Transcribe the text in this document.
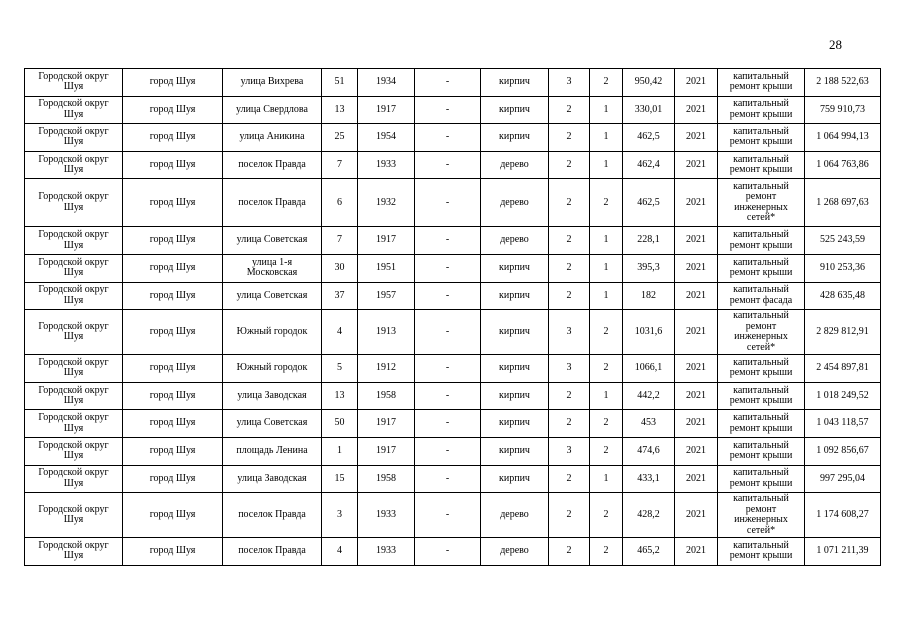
28
Городской округ Шуя	город Шуя	улица Вихрева	51	1934	-	кирпич	3	2	950,42	2021	капитальный ремонт крыши	2 188 522,63
Городской округ Шуя	город Шуя	улица Свердлова	13	1917	-	кирпич	2	1	330,01	2021	капитальный ремонт крыши	759 910,73
Городской округ Шуя	город Шуя	улица Аникина	25	1954	-	кирпич	2	1	462,5	2021	капитальный ремонт крыши	1 064 994,13
Городской округ Шуя	город Шуя	поселок Правда	7	1933	-	дерево	2	1	462,4	2021	капитальный ремонт крыши	1 064 763,86
Городской округ Шуя	город Шуя	поселок Правда	6	1932	-	дерево	2	2	462,5	2021	капитальный ремонт инженерных сетей*	1 268 697,63
Городской округ Шуя	город Шуя	улица Советская	7	1917	-	дерево	2	1	228,1	2021	капитальный ремонт крыши	525 243,59
Городской округ Шуя	город Шуя	улица 1-я Московская	30	1951	-	кирпич	2	1	395,3	2021	капитальный ремонт крыши	910 253,36
Городской округ Шуя	город Шуя	улица Советская	37	1957	-	кирпич	2	1	182	2021	капитальный ремонт фасада	428 635,48
Городской округ Шуя	город Шуя	Южный городок	4	1913	-	кирпич	3	2	1031,6	2021	капитальный ремонт инженерных сетей*	2 829 812,91
Городской округ Шуя	город Шуя	Южный городок	5	1912	-	кирпич	3	2	1066,1	2021	капитальный ремонт крыши	2 454 897,81
Городской округ Шуя	город Шуя	улица Заводская	13	1958	-	кирпич	2	1	442,2	2021	капитальный ремонт крыши	1 018 249,52
Городской округ Шуя	город Шуя	улица Советская	50	1917	-	кирпич	2	2	453	2021	капитальный ремонт крыши	1 043 118,57
Городской округ Шуя	город Шуя	площадь Ленина	1	1917	-	кирпич	3	2	474,6	2021	капитальный ремонт крыши	1 092 856,67
Городской округ Шуя	город Шуя	улица Заводская	15	1958	-	кирпич	2	1	433,1	2021	капитальный ремонт крыши	997 295,04
Городской округ Шуя	город Шуя	поселок Правда	3	1933	-	дерево	2	2	428,2	2021	капитальный ремонт инженерных сетей*	1 174 608,27
Городской округ Шуя	город Шуя	поселок Правда	4	1933	-	дерево	2	2	465,2	2021	капитальный ремонт крыши	1 071 211,39
